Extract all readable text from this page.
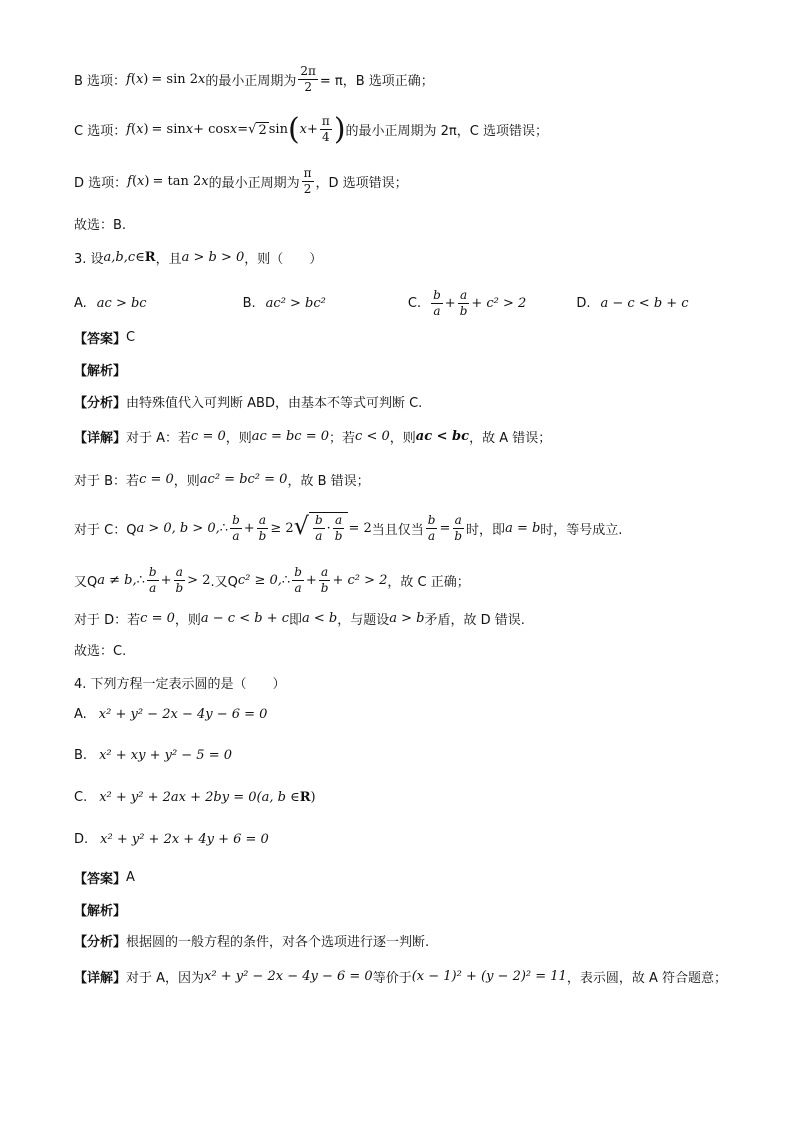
B 选项： f ( x ) = sin 2 x 的最小正周期为 $\frac{2\pi}{2} = \pi$，B 选项正确；
C 选项： f ( x ) = sin x + cos x = √ 2 sin ( $x + \frac{\pi}{4}$ ) 的最小正周期为 2π，C 选项错误；
D 选项： f ( x ) = tan 2 x 的最小正周期为 $\frac{\pi}{2}$ ，D 选项错误；
故选：B.
3. 设 a,b,c ∈ R ，且 a > b > 0 ，则（　　）
A. ac > bc	B. ac² > bc²	C. $\frac{b}{a} + \frac{a}{b} + c^2 > 2$	D. a − c < b + c
【答案】 C
【解析】
【分析】 由特殊值代入可判断 ABD，由基本不等式可判断 C.
【详解】 对于 A：若 c = 0 ，则 ac = bc = 0 ；若 c < 0 ，则 ac < bc ，故 A 错误；
对于 B：若 c = 0 ，则 ac² = bc² = 0 ，故 B 错误；
对于 C：Q a > 0, b > 0, ∴ $\frac{b}{a} + \frac{a}{b} \ge 2$ √ $\frac{b}{a} \cdot \frac{a}{b} = 2$ 当且仅当 $\frac{b}{a} = \frac{a}{b}$ 时，即 a = b 时，等号成立.
又Q a ≠ b, ∴ $\frac{b}{a} + \frac{a}{b} > 2$ .又Q c² ≥ 0, ∴ $\frac{b}{a} + \frac{a}{b} + c^2 > 2$ ，故 C 正确；
对于 D：若 c = 0 ，则 a − c < b + c 即 a < b ，与题设 a > b 矛盾，故 D 错误.
故选：C.
4. 下列方程一定表示圆的是（　　）
A. x² + y² − 2x − 4y − 6 = 0
B. x² + xy + y² − 5 = 0
C. x² + y² + 2ax + 2by = 0 (a, b ∈ R )
D. x² + y² + 2x + 4y + 6 = 0
【答案】 A
【解析】
【分析】 根据圆的一般方程的条件，对各个选项进行逐一判断.
【详解】 对于 A，因为 x² + y² − 2x − 4y − 6 = 0 等价于 (x − 1)² + (y − 2)² = 11 ，表示圆，故 A 符合题意；
